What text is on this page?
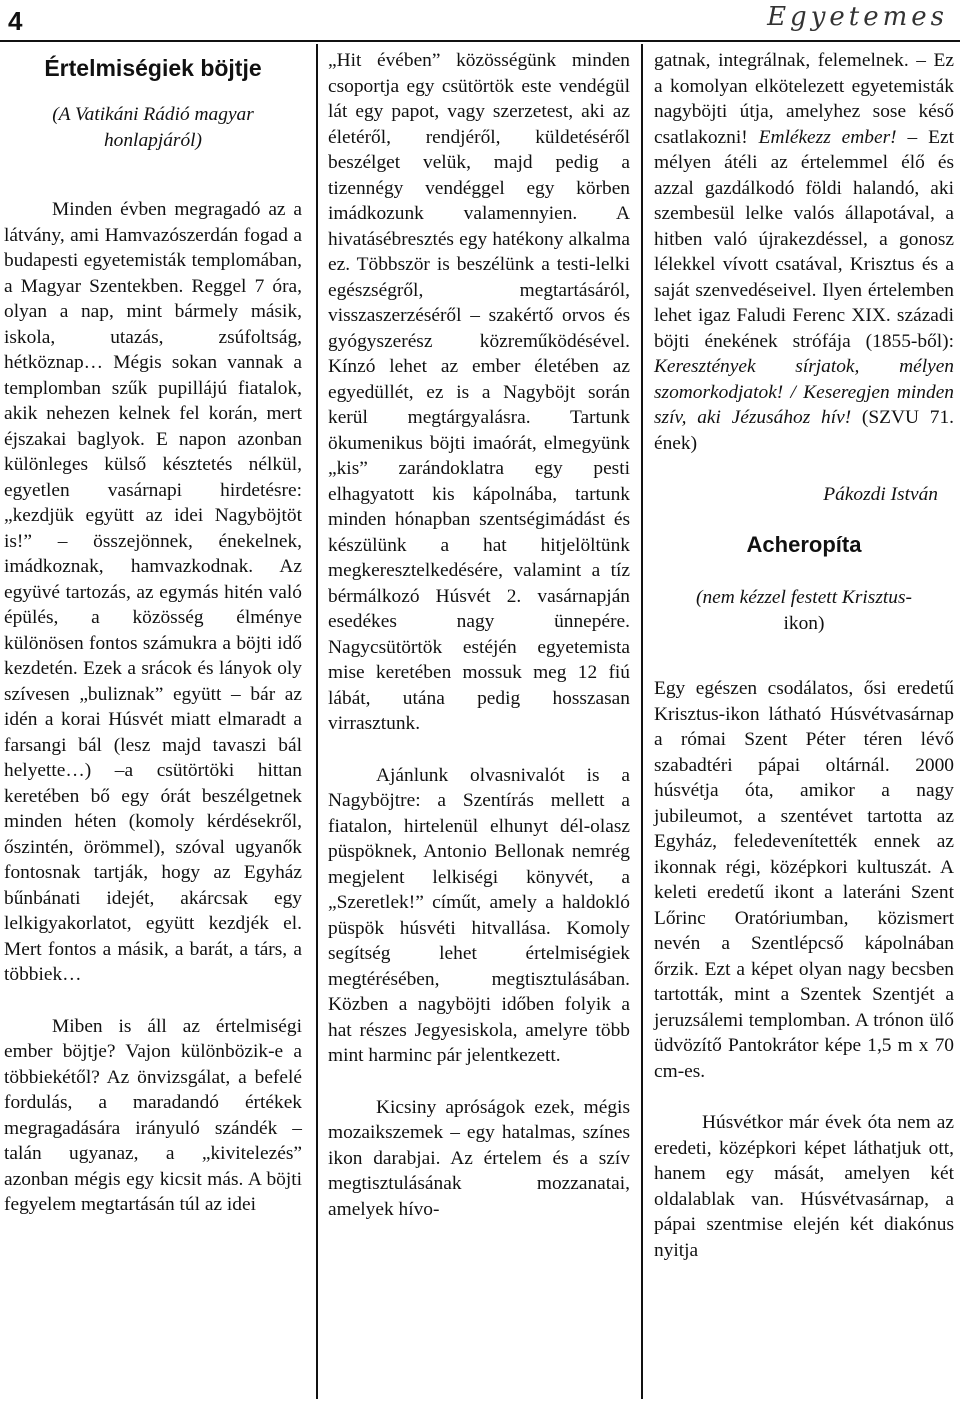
4	Egyetemes

Értelmiségiek böjtje

(A Vatikáni Rádió magyar honlapjáról)

Minden évben megragadó az a látvány, ami Hamvazószerdán fogad a budapesti egyetemisták templomában, a Magyar Szentekben. Reggel 7 óra, olyan a nap, mint bármely másik, iskola, utazás, zsúfoltság, hétköznap… Mégis sokan vannak a templomban szűk pupillájú fiatalok, akik nehezen kelnek fel korán, mert éjszakai baglyok. E napon azonban különleges külső késztetés nélkül, egyetlen vasárnapi hirdetésre: „kezdjük együtt az idei Nagyböjtöt is!” – összejönnek, énekelnek, imádkoznak, hamvazkodnak. Az együvé tartozás, az egymás hitén való épülés, a közösség élménye különösen fontos számukra a böjti idő kezdetén. Ezek a srácok és lányok oly szívesen „buliznak” együtt – bár az idén a korai Húsvét miatt elmaradt a farsangi bál (lesz majd tavaszi bál helyette…) –a csütörtöki hittan keretében bő egy órát beszélgetnek minden héten (komoly kérdésekről, őszintén, örömmel), szóval ugyanők fontosnak tartják, hogy az Egyház bűnbánati idejét, akárcsak egy lelkigyakorlatot, együtt kezdjék el. Mert fontos a másik, a barát, a társ, a többiek…

Miben is áll az értelmiségi ember böjtje? Vajon különbözik-e a többiekétől? Az önvizsgálat, a befelé fordulás, a maradandó értékek megragadására irányuló szándék – talán ugyanaz, a „kivitelezés” azonban mégis egy kicsit más. A böjti fegyelem megtartásán túl az idei

„Hit évében” közösségünk minden csoportja egy csütörtök este vendégül lát egy papot, vagy szerzetest, aki az életéről, rendjéről, küldetéséről beszélget velük, majd pedig a tizennégy vendéggel egy körben imádkozunk valamennyien. A hivatásébresztés egy hatékony alkalma ez. Többször is beszélünk a testi-lelki egészségről, megtartásáról, visszaszerzéséről – szakértő orvos és gyógyszerész közreműködésével. Kínzó lehet az ember életében az egyedüllét, ez is a Nagyböjt során kerül megtárgyalásra. Tartunk ökumenikus böjti imaórát, elmegyünk „kis” zarándoklatra egy pesti elhagyatott kis kápolnába, tartunk minden hónapban szentségimádást és készülünk a hat hitjelöltünk megkeresztelkedésére, valamint a tíz bérmálkozó Húsvét 2. vasárnapján esedékes nagy ünnepére. Nagycsütörtök estéjén egyetemista mise keretében mossuk meg 12 fiú lábát, utána pedig hosszasan virrasztunk.

Ajánlunk olvasnivalót is a Nagyböjtre: a Szentírás mellett a fiatalon, hirtelenül elhunyt dél-olasz püspöknek, Antonio Bellonak nemrég megjelent lelkiségi könyvét, a „Szeretlek!” címűt, amely a haldokló püspök húsvéti hitvallása. Komoly segítség lehet értelmiségiek megtérésében, megtisztulásában. Közben a nagyböjti időben folyik a hat részes Jegyesiskola, amelyre több mint harminc pár jelentkezett.

Kicsiny apróságok ezek, mégis mozaikszemek – egy hatalmas, színes ikon darabjai. Az értelem és a szív megtisztulásának mozzanatai, amelyek hívo-

gatnak, integrálnak, felemelnek. – Ez a komolyan elkötelezett egyetemisták nagyböjti útja, amelyhez sose késő csatlakozni! Emlékezz ember! – Ezt mélyen átéli az értelemmel élő és azzal gazdálkodó földi halandó, aki szembesül lelke valós állapotával, a hitben való újrakezdéssel, a gonosz lélekkel vívott csatával, Krisztus és a saját szenvedéseivel. Ilyen értelemben lehet igaz Faludi Ferenc XIX. századi böjti énekének strófája (1855-ből): Keresztények sírjatok, mélyen szomorkodjatok! / Keseregjen minden szív, aki Jézusához hív! (SZVU 71. ének)

Pákozdi István

Acheropíta

(nem kézzel festett Krisztus-
ikon)

Egy egészen csodálatos, ősi eredetű Krisztus-ikon látható Húsvétvasárnap a római Szent Péter téren lévő szabadtéri pápai oltárnál. 2000 húsvétja óta, amikor a nagy jubileumot, a szentévet tartotta az Egyház, feledevenítették ennek az ikonnak régi, középkori kultuszát. A keleti eredetű ikont a lateráni Szent Lőrinc Oratóriumban, közismert nevén a Szentlépcső kápolnában őrzik. Ezt a képet olyan nagy becsben tartották, mint a Szentek Szentjét a jeruzsálemi templomban. A trónon ülő üdvözítő Pantokrátor képe 1,5 m x 70 cm-es.

Húsvétkor már évek óta nem az eredeti, középkori képet láthatjuk ott, hanem egy mását, amelyen két oldalablak van. Húsvétvasárnap, a pápai szentmise elején két diakónus nyitja
